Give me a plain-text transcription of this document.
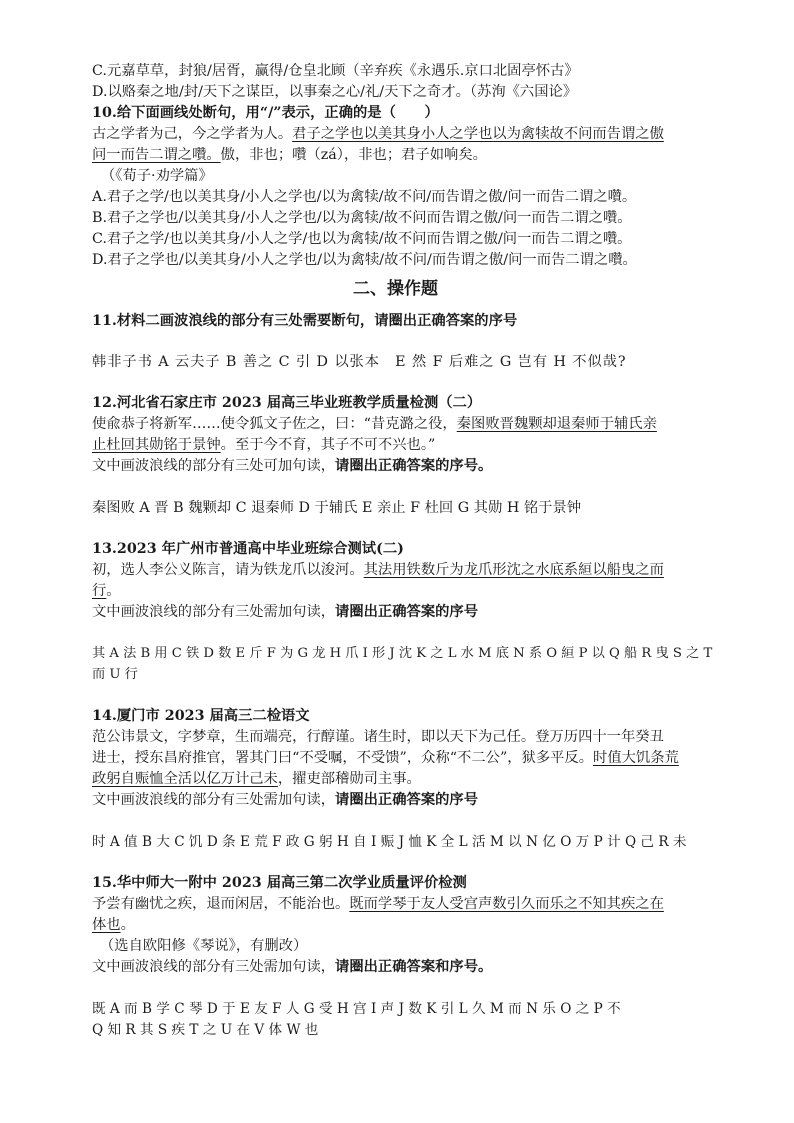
C.元嘉草草，封狼/居胥，赢得/仓皇北顾（辛弃疾《永遇乐.京口北固亭怀古》
D.以赂秦之地/封/天下之谋臣，以事秦之心/礼/天下之奇才。（苏洵《六国论》
10.给下面画线处断句，用“/”表示，正确的是（　　）
古之学者为己，今之学者为人。君子之学也以美其身小人之学也以为禽犊故不问而告谓之傲
问一而告二谓之囋。傲，非也；囋（zá），非也；君子如响矣。
（《荀子·劝学篇》
A.君子之学/也以美其身/小人之学也/以为禽犊/故不问/而告谓之傲/问一而告二谓之囋。
B.君子之学也/以美其身/小人之学也/以为禽犊/故不问而告谓之傲/问一而告二谓之囋。
C.君子之学/也以美其身/小人之学/也以为禽犊/故不问而告谓之傲/问一而告二谓之囋。
D.君子之学也/以美其身/小人之学也/以为禽犊/故不问/而告谓之傲/问一而告二谓之囋。
二、操作题
11.材料二画波浪线的部分有三处需要断句，请圈出正确答案的序号
韩非子书 A 云夫子 B 善之 C 引 D 以张本　E 然 F 后难之 G 岂有 H 不似哉?
12.河北省石家庄市 2023 届高三毕业班教学质量检测（二）
使兪恭子将新军……使令狐文子佐之，曰：“昔克潞之役，秦图败晋魏颗却退秦师于辅氏亲
止杜回其勋铭于景钟。至于今不育，其子不可不兴也。”
文中画波浪线的部分有三处可加句读，请圈出正确答案的序号。
秦图败 A 晋 B 魏颗却 C 退秦师 D 于辅氏 E 亲止 F 杜回 G 其勋 H 铭于景钟
13.2023 年广州市普通高中毕业班综合测试(二)
初，选人李公义陈言，请为铁龙爪以浚河。其法用铁数斤为龙爪形沈之水底系絙以船曳之而
行。
文中画波浪线的部分有三处需加句读，请圈出正确答案的序号
其 A 法 B 用 C 铁 D 数 E 斤 F 为 G 龙 H 爪 I 形 J 沈 K 之 L 水 M 底 N 系 O 絙 P 以 Q 船 R 曳 S 之 T
而 U 行
14.厦门市 2023 届高三二检语文
范公讳景文，字梦章，生而端亮，行醇谨。诸生时，即以天下为己任。登万历四十一年癸丑
进士，授东昌府推官，署其门曰“不受嘱，不受馈”，众称“不二公”，狱多平反。时值大饥条荒
政躬自赈恤全活以亿万计己未，擢吏部稽勋司主事。
文中画波浪线的部分有三处需加句读，请圈出正确答案的序号
时 A 值 B 大 C 饥 D 条 E 荒 F 政 G 躬 H 自 I 赈 J 恤 K 全 L 活 M 以 N 亿 O 万 P 计 Q 己 R 未
15.华中师大一附中 2023 届高三第二次学业质量评价检测
予尝有幽忧之疾，退而闲居，不能治也。既而学琴于友人受宫声数引久而乐之不知其疾之在
体也。
（选自欧阳修《琴说》，有删改）
文中画波浪线的部分有三处需加句读，请圈出正确答案和序号。
既 A 而 B 学 C 琴 D 于 E 友 F 人 G 受 H 宫 I 声 J 数 K 引 L 久 M 而 N 乐 O 之 P 不
Q 知 R 其 S 疾 T 之 U 在 V 体 W 也
